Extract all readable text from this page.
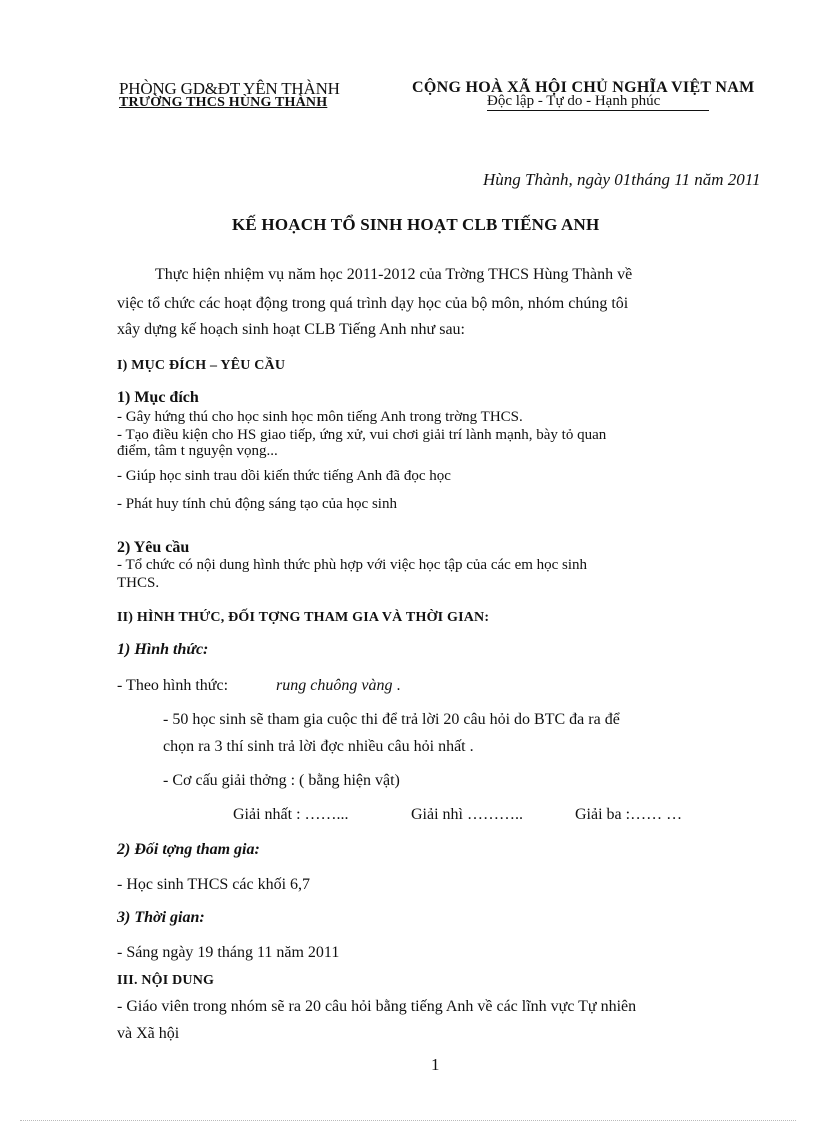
PHÒNG GD&ĐT YÊN THÀNH
TRƯỜNG THCS HÙNG THÀNH
CỘNG HOÀ XÃ HỘI CHỦ NGHĨA VIỆT NAM
Độc lập - Tự do - Hạnh phúc
Hùng Thành, ngày 01tháng 11 năm 2011
KẾ HOẠCH TỔ SINH HOẠT CLB TIẾNG ANH
Thực hiện nhiệm vụ năm học 2011-2012 của Trờng THCS Hùng Thành về
việc tổ chức các hoạt động trong quá trình dạy học của bộ môn, nhóm chúng tôi
xây dựng kế hoạch sinh hoạt CLB Tiếng Anh như sau:
I) MỤC ĐÍCH – YÊU CẦU
1) Mục đích
- Gây hứng thú cho học sinh học môn tiếng Anh trong trờng THCS.
- Tạo điều kiện cho HS giao tiếp, ứng xử, vui chơi giải trí lành mạnh, bày tỏ quan
điểm, tâm t nguyện vọng...
- Giúp học sinh trau dồi kiến thức tiếng Anh đã đọc học
- Phát huy tính chủ động sáng tạo của học sinh
2) Yêu cầu
- Tổ chức có nội dung hình thức phù hợp với việc học tập của các em học sinh
THCS.
II) HÌNH THỨC, ĐỐI TỢNG THAM GIA VÀ THỜI GIAN:
1) Hình thức:
- Theo hình thức:	rung chuông vàng .
- 50 học sinh sẽ tham gia cuộc thi để trả lời 20 câu hỏi do BTC đa ra để
chọn ra 3 thí sinh trả lời đợc nhiều câu hỏi nhất .
- Cơ cấu giải thởng : ( bằng hiện vật)
Giải nhất : ……...	Giải nhì ………..	Giải ba :…… …
2) Đối tợng tham gia:
- Học sinh THCS các khối 6,7
3) Thời gian:
- Sáng ngày 19 tháng 11 năm 2011
III. NỘI DUNG
- Giáo viên trong nhóm sẽ ra 20 câu hỏi bằng tiếng Anh về các lĩnh vực Tự nhiên
và Xã hội
1
